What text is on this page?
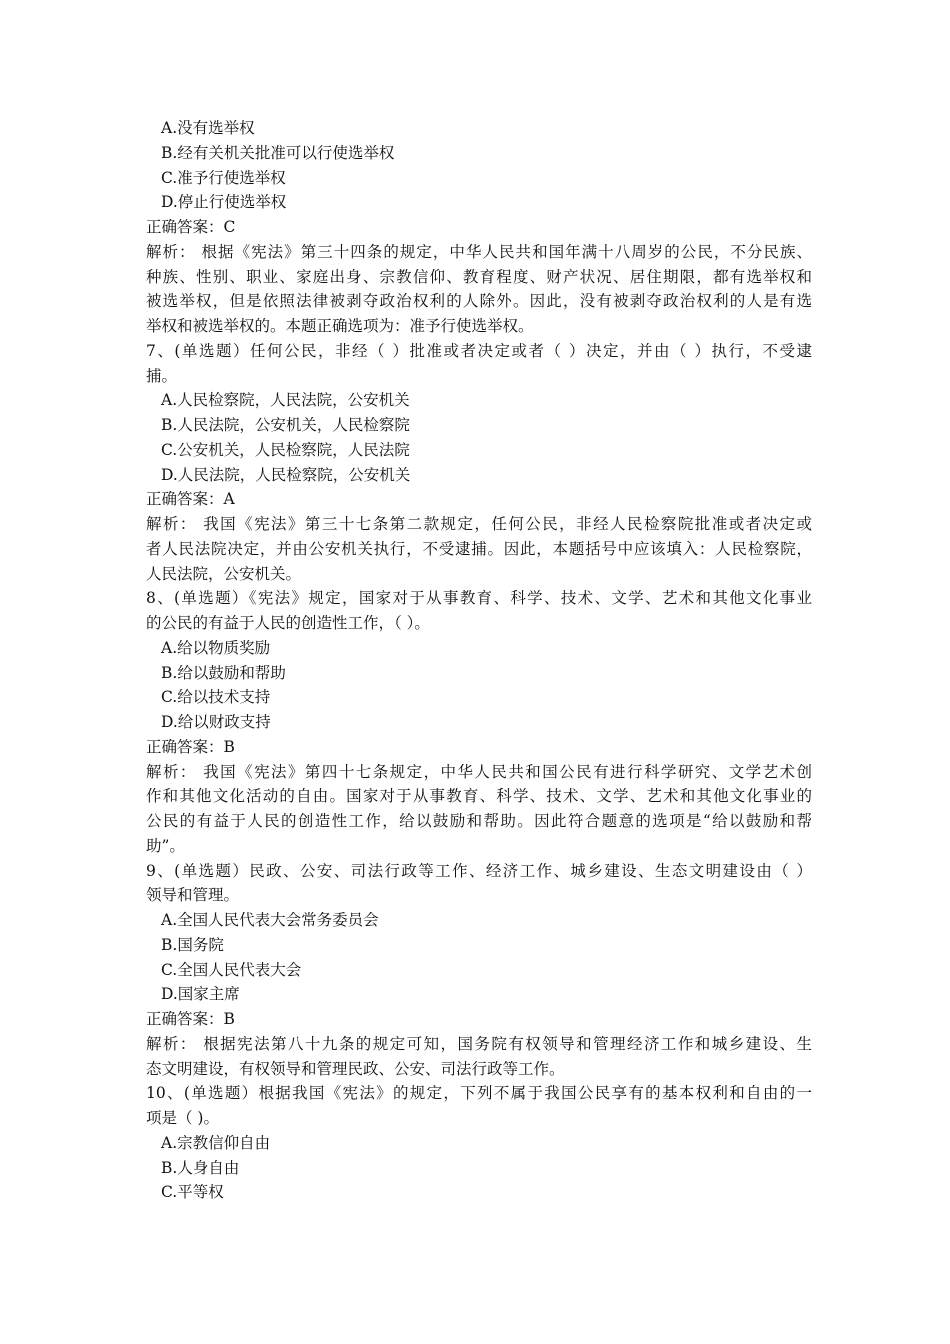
A.没有选举权
B.经有关机关批准可以行使选举权
C.准予行使选举权
D.停止行使选举权
正确答案：C
解析： 根据《宪法》第三十四条的规定，中华人民共和国年满十八周岁的公民，不分民族、
种族、性别、职业、家庭出身、宗教信仰、教育程度、财产状况、居住期限，都有选举权和
被选举权，但是依照法律被剥夺政治权利的人除外。因此，没有被剥夺政治权利的人是有选
举权和被选举权的。本题正确选项为：准予行使选举权。
7、(单选题）任何公民，非经（ ）批准或者决定或者（ ）决定，并由（ ）执行，不受逮
捕。
A.人民检察院，人民法院，公安机关
B.人民法院，公安机关，人民检察院
C.公安机关，人民检察院，人民法院
D.人民法院，人民检察院，公安机关
正确答案：A
解析： 我国《宪法》第三十七条第二款规定，任何公民，非经人民检察院批准或者决定或
者人民法院决定，并由公安机关执行，不受逮捕。因此，本题括号中应该填入：人民检察院，
人民法院，公安机关。
8、(单选题）《宪法》规定，国家对于从事教育、科学、技术、文学、艺术和其他文化事业
的公民的有益于人民的创造性工作，（ ）。
A.给以物质奖励
B.给以鼓励和帮助
C.给以技术支持
D.给以财政支持
正确答案：B
解析： 我国《宪法》第四十七条规定，中华人民共和国公民有进行科学研究、文学艺术创
作和其他文化活动的自由。国家对于从事教育、科学、技术、文学、艺术和其他文化事业的
公民的有益于人民的创造性工作，给以鼓励和帮助。因此符合题意的选项是“给以鼓励和帮
助”。
9、(单选题）民政、公安、司法行政等工作、经济工作、城乡建设、生态文明建设由（ ）
领导和管理。
A.全国人民代表大会常务委员会
B.国务院
C.全国人民代表大会
D.国家主席
正确答案：B
解析： 根据宪法第八十九条的规定可知，国务院有权领导和管理经济工作和城乡建设、生
态文明建设，有权领导和管理民政、公安、司法行政等工作。
10、(单选题）根据我国《宪法》的规定，下列不属于我国公民享有的基本权利和自由的一
项是（ )。
A.宗教信仰自由
B.人身自由
C.平等权
